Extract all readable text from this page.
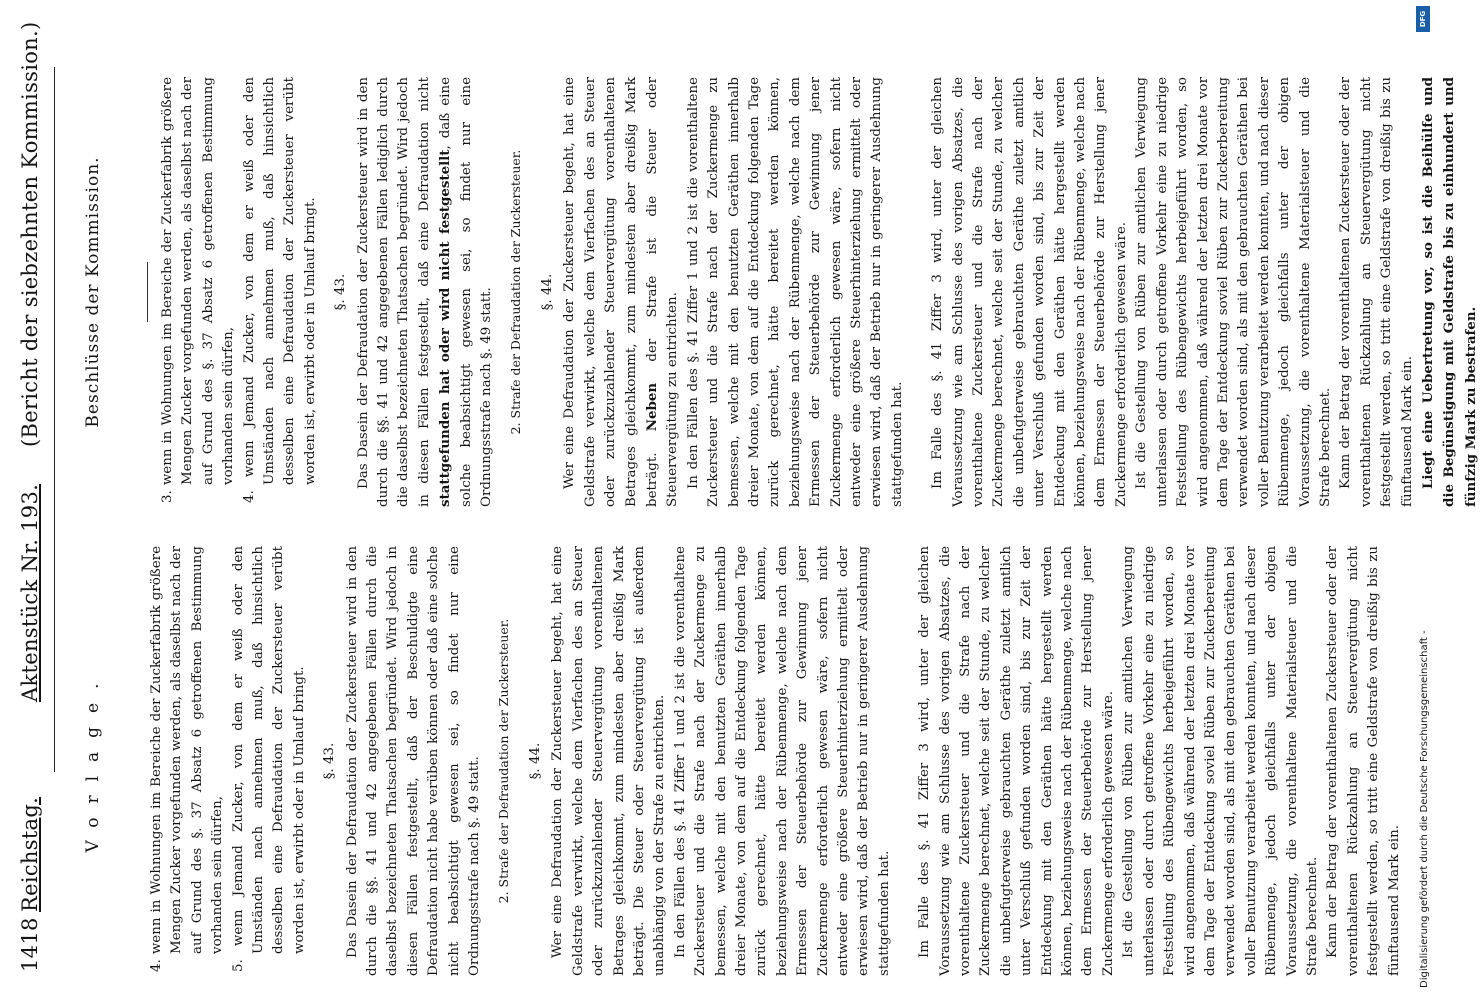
1418
Reichstag.
Aktenstück Nr. 193.
(Bericht der siebzehnten Kommission.)
Vorlage.	4. wenn in Wohnungen im Bereiche der Zuckerfabrik größere Mengen Zucker vorgefunden werden, als daselbst nach der auf Grund des §. 37 Absatz 6 getroffenen Bestimmung vorhanden sein dürfen, 5. wenn Jemand Zucker, von dem er weiß oder den Umständen nach annehmen muß, daß hinsichtlich desselben eine Defraudation der Zuckersteuer verübt worden ist, erwirbt oder in Umlauf bringt. §. 43. Das Dasein der Defraudation der Zuckersteuer wird in den durch die §§. 41 und 42 angegebenen Fällen durch die daselbst bezeichneten Thatsachen begründet. Wird jedoch in diesen Fällen festgestellt, daß der Beschuldigte eine Defraudation nicht habe verüben können oder daß eine solche nicht beabsichtigt gewesen sei, so findet nur eine Ordnungsstrafe nach §. 49 statt. 2. Strafe der Defraudation der Zuckersteuer. §. 44. Wer eine Defraudation der Zuckersteuer begeht, hat eine Geldstrafe verwirkt, welche dem Vierfachen des an Steuer oder zurückzuzahlender Steuervergütung vorenthaltenen Betrages gleichkommt, zum mindesten aber dreißig Mark beträgt. Die Steuer oder Steuervergütung ist außerdem unabhängig von der Strafe zu entrichten. In den Fällen des §. 41 Ziffer 1 und 2 ist die vorenthaltene Zuckersteuer und die Strafe nach der Zuckermenge zu bemessen, welche mit den benutzten Geräthen innerhalb dreier Monate, von dem auf die Entdeckung folgenden Tage zurück gerechnet, hätte bereitet werden können, beziehungsweise nach der Rübenmenge, welche nach dem Ermessen der Steuerbehörde zur Gewinnung jener Zuckermenge erforderlich gewesen wäre, sofern nicht entweder eine größere Steuerhinterziehung ermittelt oder erwiesen wird, daß der Betrieb nur in geringerer Ausdehnung stattgefunden hat. Im Falle des §. 41 Ziffer 3 wird, unter der gleichen Voraussetzung wie am Schlusse des vorigen Absatzes, die vorenthaltene Zuckersteuer und die Strafe nach der Zuckermenge berechnet, welche seit der Stunde, zu welcher die unbefugterweise gebrauchten Geräthe zuletzt amtlich unter Verschluß gefunden worden sind, bis zur Zeit der Entdeckung mit den Geräthen hätte hergestellt werden können, beziehungsweise nach der Rübenmenge, welche nach dem Ermessen der Steuerbehörde zur Herstellung jener Zuckermenge erforderlich gewesen wäre. Ist die Gestellung von Rüben zur amtlichen Verwiegung unterlassen oder durch getroffene Vorkehr eine zu niedrige Feststellung des Rübengewichts herbeigeführt worden, so wird angenommen, daß während der letzten drei Monate vor dem Tage der Entdeckung soviel Rüben zur Zuckerbereitung verwendet worden sind, als mit den gebrauchten Geräthen bei voller Benutzung verarbeitet werden konnten, und nach dieser Rübenmenge, jedoch gleichfalls unter der obigen Voraussetzung, die vorenthaltene Materialsteuer und die Strafe berechnet. Kann der Betrag der vorenthaltenen Zuckersteuer oder der vorenthaltenen Rückzahlung an Steuervergütung nicht festgestellt werden, so tritt eine Geldstrafe von dreißig bis zu fünftausend Mark ein.

Beschlüsse der Kommission.	3. wenn in Wohnungen im Bereiche der Zuckerfabrik größere Mengen Zucker vorgefunden werden, als daselbst nach der auf Grund des §. 37 Absatz 6 getroffenen Bestimmung vorhanden sein dürfen, 4. wenn Jemand Zucker, von dem er weiß oder den Umständen nach annehmen muß, daß hinsichtlich desselben eine Defraudation der Zuckersteuer verübt worden ist, erwirbt oder in Umlauf bringt. §. 43. Das Dasein der Defraudation der Zuckersteuer wird in den durch die §§. 41 und 42 angegebenen Fällen lediglich durch die daselbst bezeichneten Thatsachen begründet. Wird jedoch in diesen Fällen festgestellt, daß eine Defraudation nicht stattgefunden hat oder wird nicht festgestellt, daß eine solche beabsichtigt gewesen sei, so findet nur eine Ordnungsstrafe nach §. 49 statt. 2. Strafe der Defraudation der Zuckersteuer. §. 44. Wer eine Defraudation der Zuckersteuer begeht, hat eine Geldstrafe verwirkt, welche dem Vierfachen des an Steuer oder zurückzuzahlender Steuervergütung vorenthaltenen Betrages gleichkommt, zum mindesten aber dreißig Mark beträgt. Neben der Strafe ist die Steuer oder Steuervergütung zu entrichten. In den Fällen des §. 41 Ziffer 1 und 2 ist die vorenthaltene Zuckersteuer und die Strafe nach der Zuckermenge zu bemessen, welche mit den benutzten Geräthen innerhalb dreier Monate, von dem auf die Entdeckung folgenden Tage zurück gerechnet, hätte bereitet werden können, beziehungsweise nach der Rübenmenge, welche nach dem Ermessen der Steuerbehörde zur Gewinnung jener Zuckermenge erforderlich gewesen wäre, sofern nicht entweder eine größere Steuerhinterziehung ermittelt oder erwiesen wird, daß der Betrieb nur in geringerer Ausdehnung stattgefunden hat. Im Falle des §. 41 Ziffer 3 wird, unter der gleichen Voraussetzung wie am Schlusse des vorigen Absatzes, die vorenthaltene Zuckersteuer und die Strafe nach der Zuckermenge berechnet, welche seit der Stunde, zu welcher die unbefugterweise gebrauchten Geräthe zuletzt amtlich unter Verschluß gefunden worden sind, bis zur Zeit der Entdeckung mit den Geräthen hätte hergestellt werden können, beziehungsweise nach der Rübenmenge, welche nach dem Ermessen der Steuerbehörde zur Herstellung jener Zuckermenge erforderlich gewesen wäre. Ist die Gestellung von Rüben zur amtlichen Verwiegung unterlassen oder durch getroffene Vorkehr eine zu niedrige Feststellung des Rübengewichts herbeigeführt worden, so wird angenommen, daß während der letzten drei Monate vor dem Tage der Entdeckung soviel Rüben zur Zuckerbereitung verwendet worden sind, als mit den gebrauchten Geräthen bei voller Benutzung verarbeitet werden konnten, und nach dieser Rübenmenge, jedoch gleichfalls unter der obigen Voraussetzung, die vorenthaltene Materialsteuer und die Strafe berechnet. Kann der Betrag der vorenthaltenen Zuckersteuer oder der vorenthaltenen Rückzahlung an Steuervergütung nicht festgestellt werden, so tritt eine Geldstrafe von dreißig bis zu fünftausend Mark ein. Liegt eine Uebertretung vor, so ist die Beihülfe und die Begünstigung mit Geldstrafe bis zu einhundert und fünfzig Mark zu bestrafen.

Digitalisierung gefördert durch die Deutsche Forschungsgemeinschaft -
DFG
